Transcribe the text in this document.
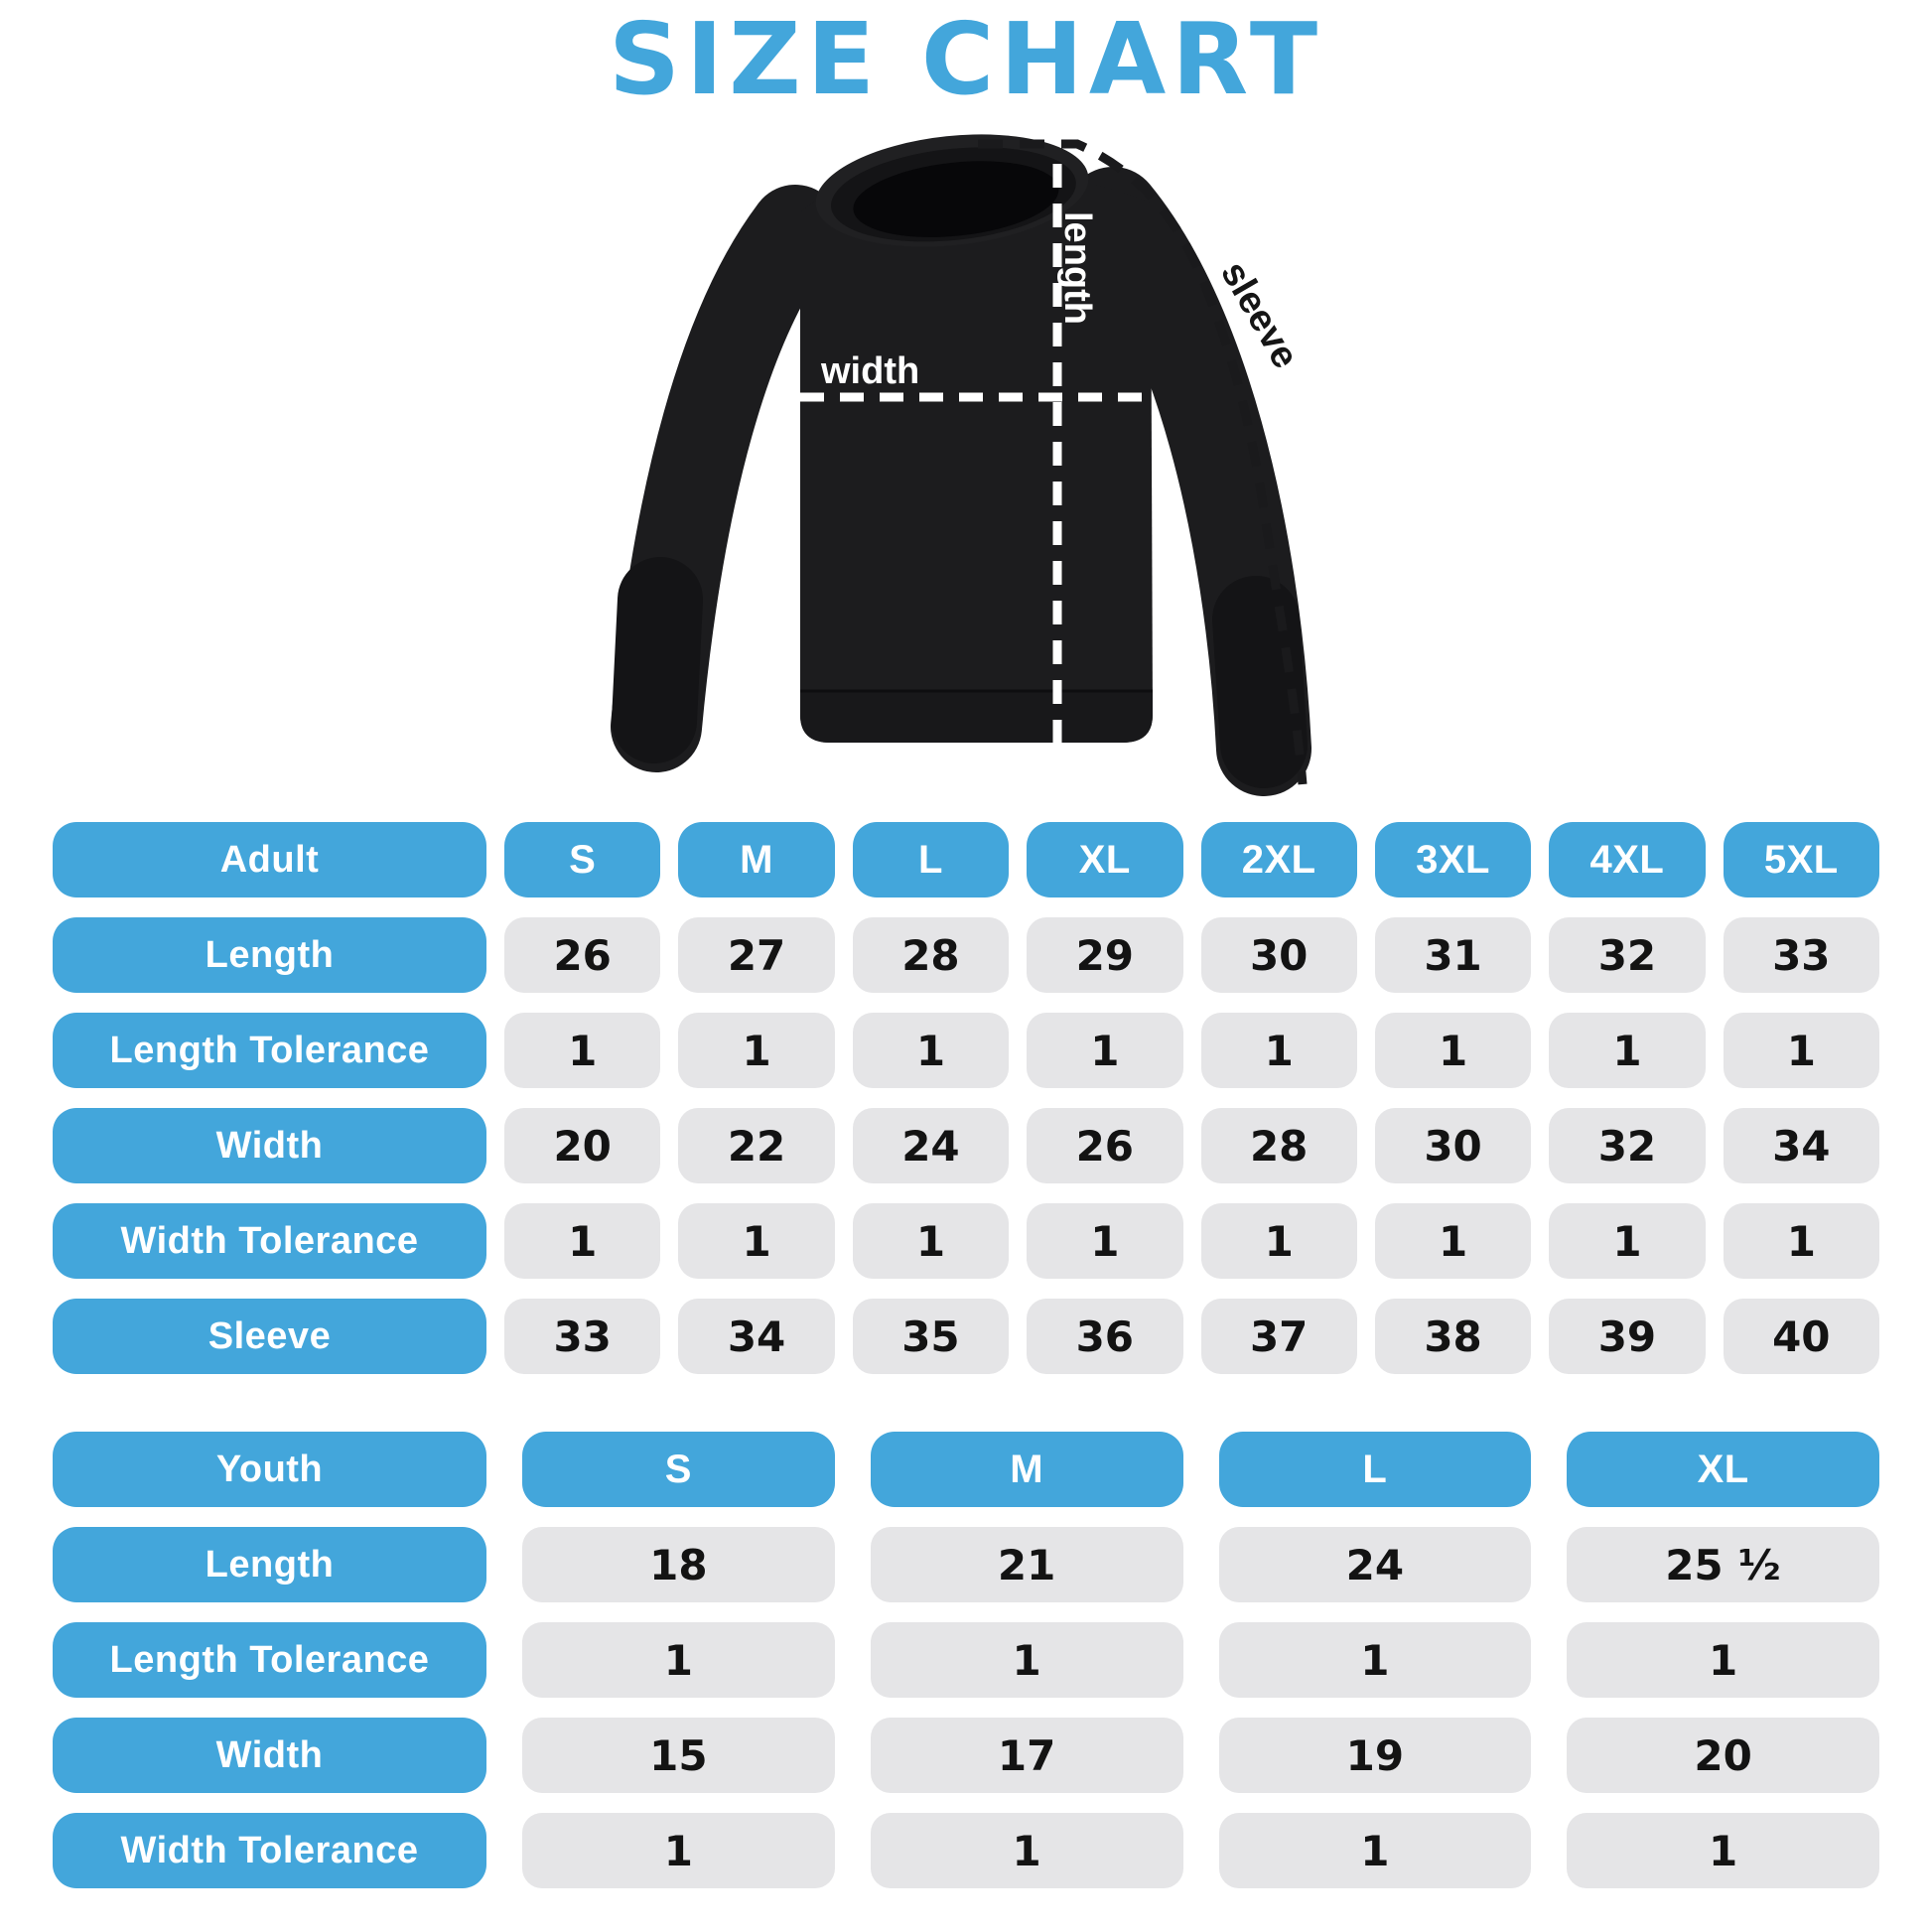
SIZE CHART
width
length	sleeve
Adult	S	M	L	XL	2XL	3XL	4XL	5XL
Length	26	27	28	29	30	31	32	33
Length Tolerance	1	1	1	1	1	1	1	1
Width	20	22	24	26	28	30	32	34
Width Tolerance	1	1	1	1	1	1	1	1
Sleeve	33	34	35	36	37	38	39	40
Youth	S	M	L	XL
Length	18	21	24	25 ¹⁄₂
Length Tolerance	1	1	1	1
Width	15	17	19	20
Width Tolerance	1	1	1	1
